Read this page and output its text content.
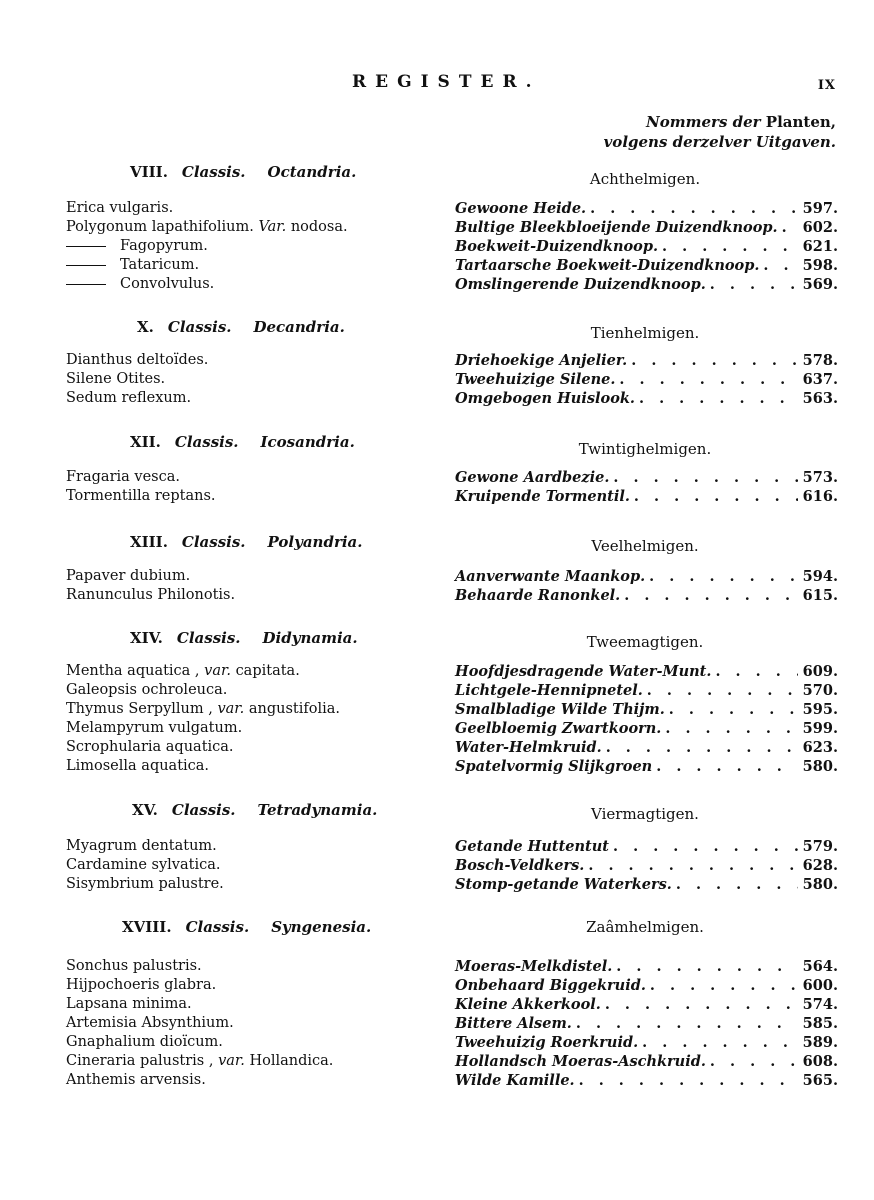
REGISTER.	IX
Nommers der Planten,
volgens derzelver Uitgaven.
VIII. Classis. Octandria.	Achthelmigen.
Erica vulgaris.	Gewoone Heide. . . .	597.
Polygonum lapathifolium. Var. nodosa.	Bultige Bleekbloeijende Duizendknoop. . . .	602.
Fagopyrum.	Boekweit-Duizendknoop. . . .	621.
Tataricum.	Tartaarsche Boekweit-Duizendknoop. . . .	598.
Convolvulus.	Omslingerende Duizendknoop. . . .	569.
X. Classis. Decandria.	Tienhelmigen.
Dianthus deltoïdes.	Driehoekige Anjelier. . . .	578.
Silene Otites.	Tweehuizige Silene. . . .	637.
Sedum reflexum.	Omgebogen Huislook. . . .	563.
XII. Classis. Icosandria.	Twintighelmigen.
Fragaria vesca.	Gewone Aardbezie. . . .	573.
Tormentilla reptans.	Kruipende Tormentil. . . .	616.
XIII. Classis. Polyandria.	Veelhelmigen.
Papaver dubium.	Aanverwante Maankop. . . .	594.
Ranunculus Philonotis.	Behaarde Ranonkel. . . .	615.
XIV. Classis. Didynamia.	Tweemagtigen.
Mentha aquatica , var. capitata.	Hoofdjesdragende Water-Munt. . . .	609.
Galeopsis ochroleuca.	Lichtgele-Hennipnetel. . . .	570.
Thymus Serpyllum , var. angustifolia.	Smalbladige Wilde Thijm. . . .	595.
Melampyrum vulgatum.	Geelbloemig Zwartkoorn. . . .	599.
Scrophularia aquatica.	Water-Helmkruid. . . .	623.
Limosella aquatica.	Spatelvormig Slijkgroen . . .	580.
XV. Classis. Tetradynamia.	Viermagtigen.
Myagrum dentatum.	Getande Huttentut . . .	579.
Cardamine sylvatica.	Bosch-Veldkers. . . .	628.
Sisymbrium palustre.	Stomp-getande Waterkers. . . .	580.
XVIII. Classis. Syngenesia.	Zaâmhelmigen.
Sonchus palustris.	Moeras-Melkdistel. . . .	564.
Hijpochoeris glabra.	Onbehaard Biggekruid. . . .	600.
Lapsana minima.	Kleine Akkerkool. . . .	574.
Artemisia Absynthium.	Bittere Alsem. . . .	585.
Gnaphalium dioïcum.	Tweehuizig Roerkruid. . . .	589.
Cineraria palustris , var. Hollandica.	Hollandsch Moeras-Aschkruid. . . .	608.
Anthemis arvensis.	Wilde Kamille. . . .	565.
